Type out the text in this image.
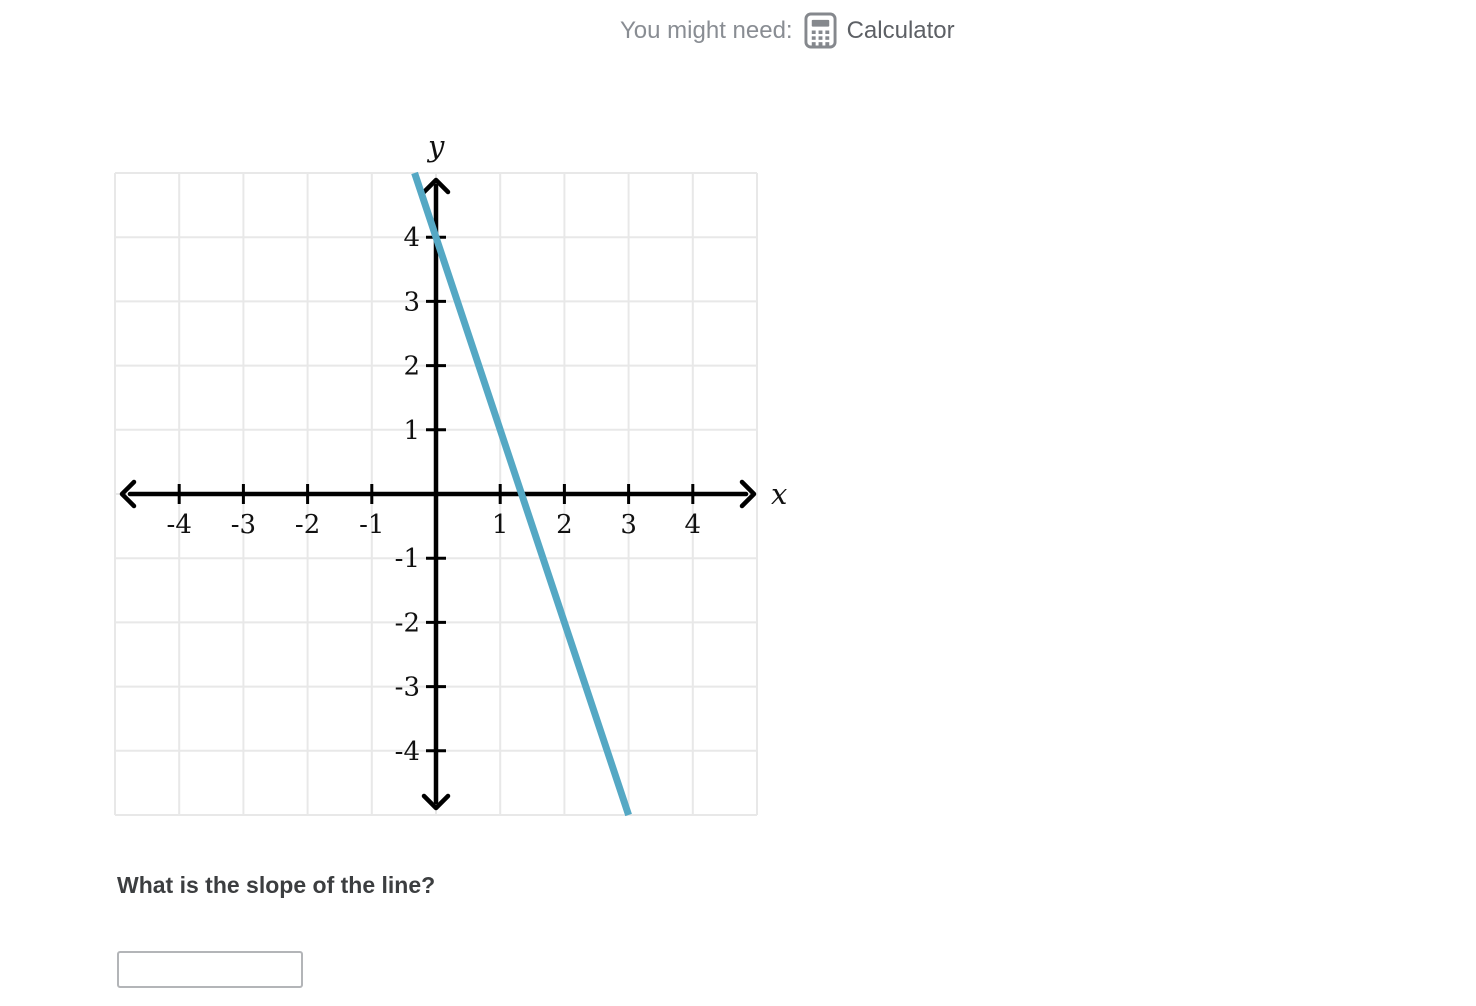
You might need: Calculator
-4 -3 -2 -1	1 2 3 4
4
3
2
1
-1
-2
-3
-4
x
y
What is the slope of the line?
